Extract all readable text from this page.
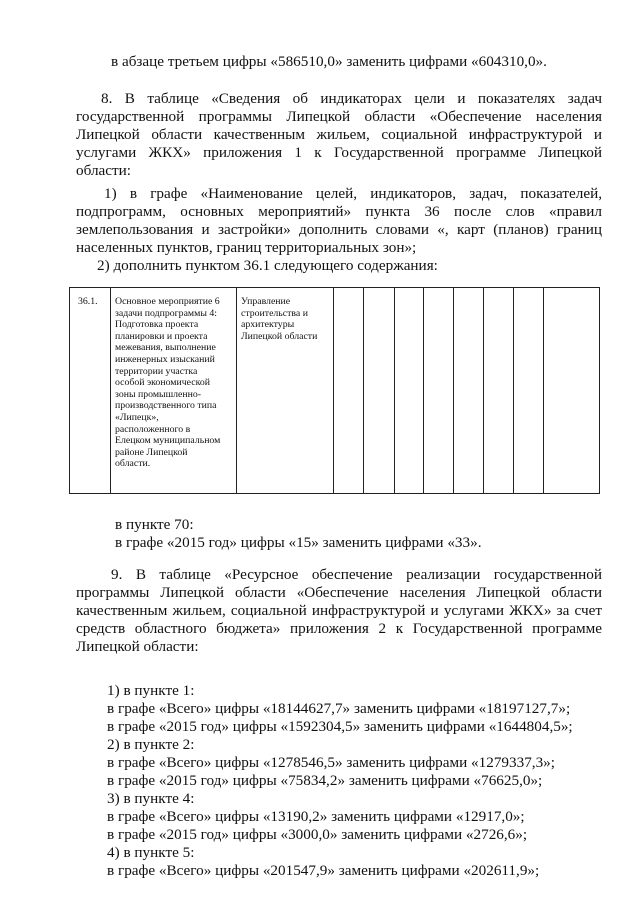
в абзаце третьем цифры «586510,0» заменить цифрами «604310,0».
8. В таблице «Сведения об индикаторах цели и показателях задач
государственной программы Липецкой области «Обеспечение населения
Липецкой области качественным жильем, социальной инфраструктурой и
услугами ЖКХ» приложения 1 к Государственной программе Липецкой
области:
1) в графе «Наименование целей, индикаторов, задач, показателей,
подпрограмм, основных мероприятий» пункта 36 после слов «правил
землепользования и застройки» дополнить словами «, карт (планов) границ
населенных пунктов, границ территориальных зон»;
2) дополнить пунктом 36.1 следующего содержания:
36.1. Основное мероприятие 6
задачи подпрограммы 4:
Подготовка проекта
планировки и проекта
межевания, выполнение
инженерных изысканий
территории участка
особой экономической
зоны промышленно-
производственного типа
«Липецк»,
расположенного в
Елецком муниципальном
районе Липецкой
области.
Управление
строительства и
архитектуры
Липецкой области
в пункте 70:
в графе «2015 год» цифры «15» заменить цифрами «33».
9. В таблице «Ресурсное обеспечение реализации государственной
программы Липецкой области «Обеспечение населения Липецкой области
качественным жильем, социальной инфраструктурой и услугами ЖКХ» за счет
средств областного бюджета» приложения 2 к Государственной программе
Липецкой области:
1) в пункте 1:
в графе «Всего» цифры «18144627,7» заменить цифрами «18197127,7»;
в графе «2015 год» цифры «1592304,5» заменить цифрами «1644804,5»;
2) в пункте 2:
в графе «Всего» цифры «1278546,5» заменить цифрами «1279337,3»;
в графе «2015 год» цифры «75834,2» заменить цифрами «76625,0»;
3) в пункте 4:
в графе «Всего» цифры «13190,2» заменить цифрами «12917,0»;
в графе «2015 год» цифры «3000,0» заменить цифрами «2726,6»;
4) в пункте 5:
в графе «Всего» цифры «201547,9» заменить цифрами «202611,9»;
